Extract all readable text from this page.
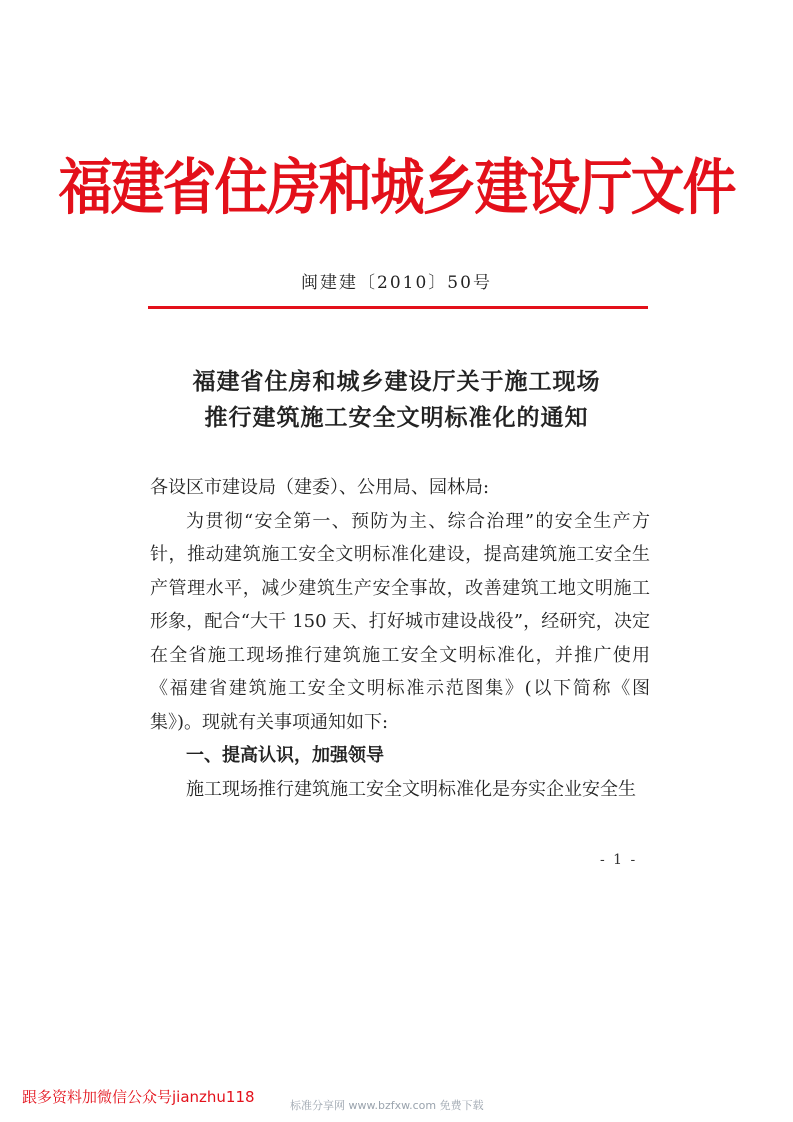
福建省住房和城乡建设厅文件
闽建建〔2010〕50号
福建省住房和城乡建设厅关于施工现场
推行建筑施工安全文明标准化的通知
各设区市建设局（建委）、公用局、园林局:
为贯彻“安全第一、预防为主、综合治理”的安全生产方针，推动建筑施工安全文明标准化建设，提高建筑施工安全生产管理水平，减少建筑生产安全事故，改善建筑工地文明施工形象，配合“大干 150 天、打好城市建设战役”，经研究，决定在全省施工现场推行建筑施工安全文明标准化，并推广使用《福建省建筑施工安全文明标准示范图集》(以下简称《图集》)。现就有关事项通知如下:
一、提高认识，加强领导
施工现场推行建筑施工安全文明标准化是夯实企业安全生
- 1 -
跟多资料加微信公众号jianzhu118	标准分享网 www.bzfxw.com 免费下载
